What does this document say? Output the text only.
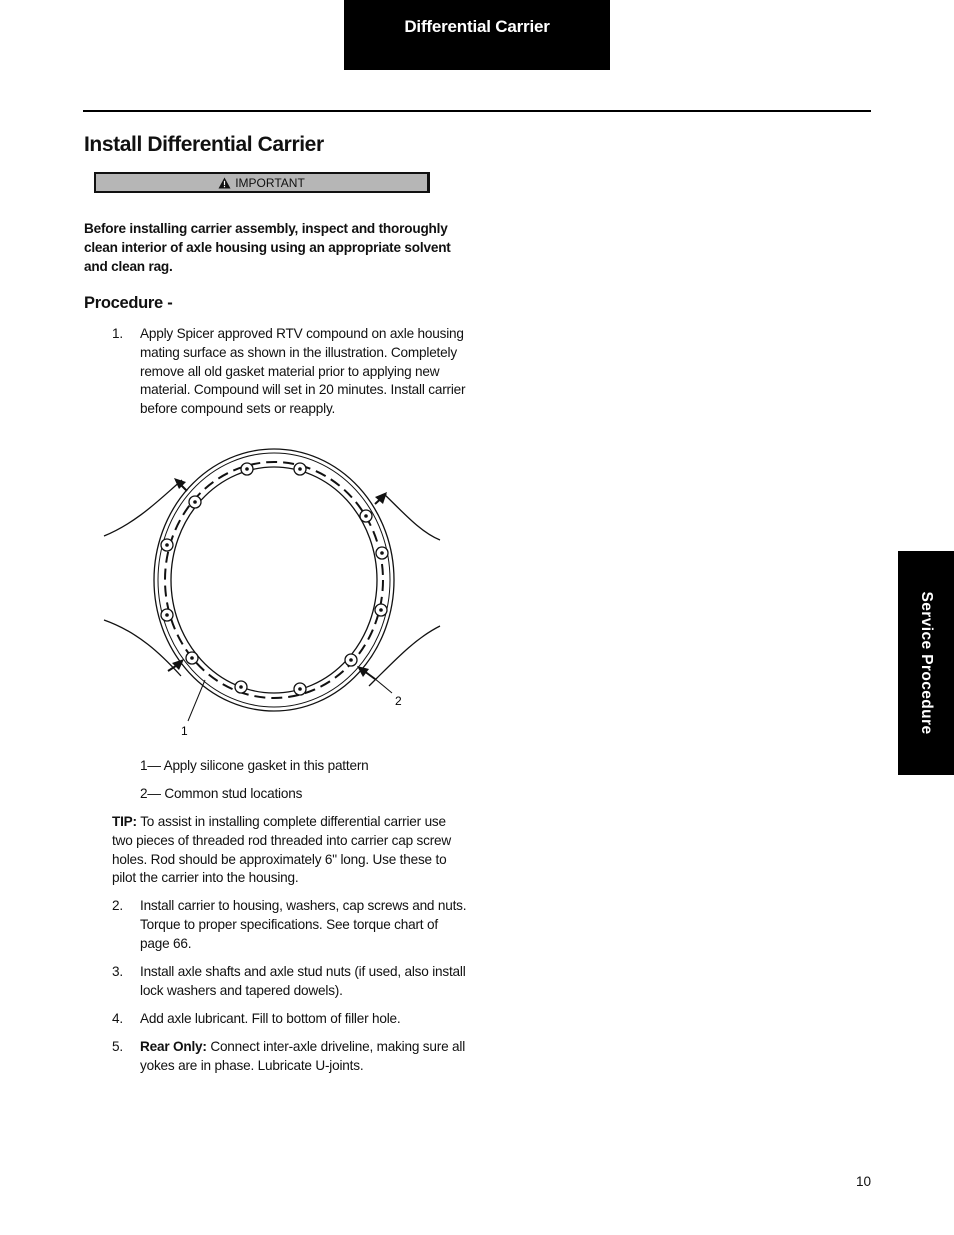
Differential Carrier
Install Differential Carrier
IMPORTANT
Before installing carrier assembly, inspect and thoroughly clean interior of axle housing using an appropriate solvent and clean rag.
Procedure -
1. Apply Spicer approved RTV compound on axle housing mating surface as shown in the illustration. Completely remove all old gasket material prior to applying new material. Compound will set in 20 minutes. Install carrier before compound sets or reapply.
1
2
1— Apply silicone gasket in this pattern
2— Common stud locations
TIP: To assist in installing complete differential carrier use two pieces of threaded rod threaded into carrier cap screw holes. Rod should be approximately 6" long. Use these to pilot the carrier into the housing.
2. Install carrier to housing, washers, cap screws and nuts. Torque to proper specifications. See torque chart of page 66.
3. Install axle shafts and axle stud nuts (if used, also install lock washers and tapered dowels).
4. Add axle lubricant. Fill to bottom of filler hole.
5. Rear Only: Connect inter-axle driveline, making sure all yokes are in phase. Lubricate U-joints.
Service Procedure
10
